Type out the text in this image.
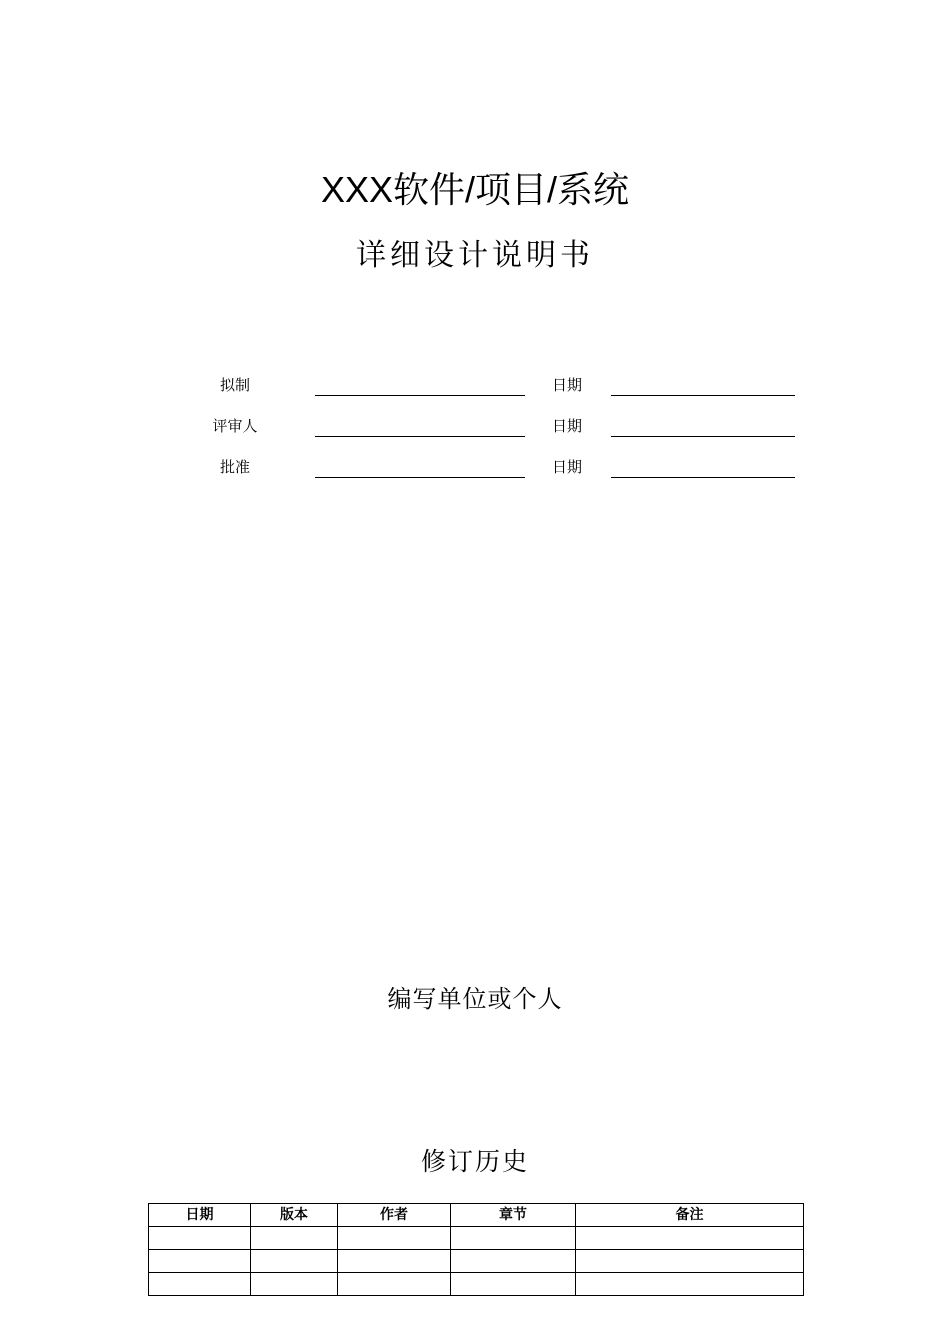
XXX软件/项目/系统
详细设计说明书
拟制	日期
评审人	日期
批准	日期
编写单位或个人
修订历史
日期	版本	作者	章节	备注
